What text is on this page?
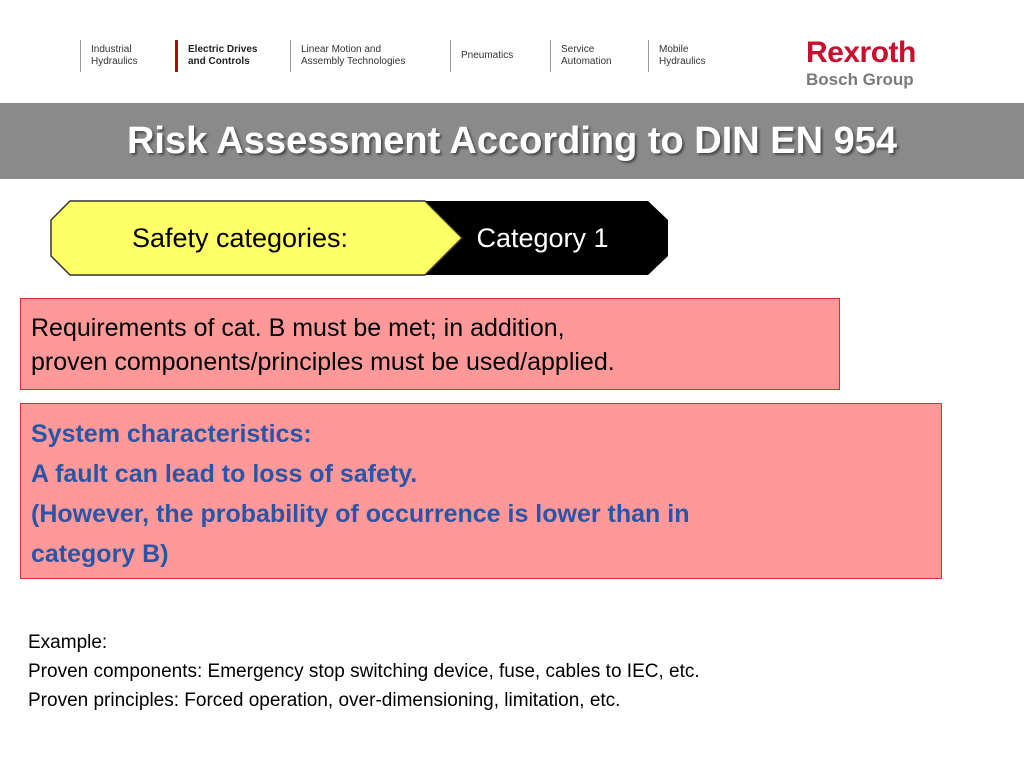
Industrial
Hydraulics
Electric Drives
and Controls
Linear Motion and
Assembly Technologies
Pneumatics
Service
Automation
Mobile
Hydraulics	Rexroth
Bosch Group
Risk Assessment According to DIN EN 954
Safety categories:	Category 1
Requirements of cat. B must be met; in addition,
proven components/principles must be used/applied.
System characteristics:
A fault can lead to loss of safety.
(However, the probability of occurrence is lower than in
category B)
Example:
Proven components: Emergency stop switching device, fuse, cables to IEC, etc.
Proven principles: Forced operation, over-dimensioning, limitation, etc.
